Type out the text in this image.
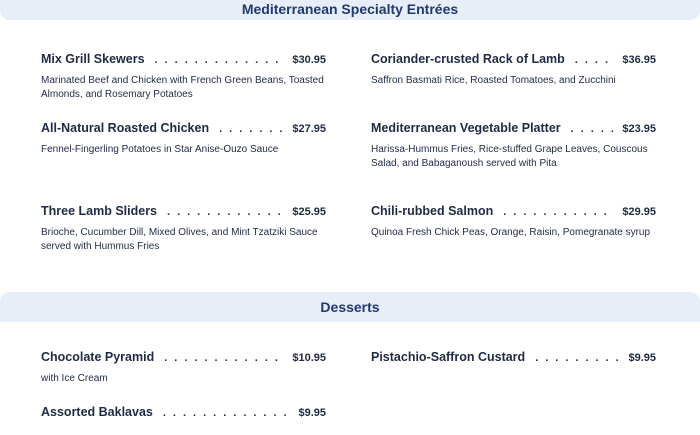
Mediterranean Specialty Entrées
Mix Grill Skewers .....	$30.95
Marinated Beef and Chicken with French Green Beans, Toasted Almonds, and Rosemary Potatoes
Coriander-crusted Rack of Lamb .....	$36.95
Saffron Basmati Rice, Roasted Tomatoes, and Zucchini
All-Natural Roasted Chicken .....	$27.95
Fennel-Fingerling Potatoes in Star Anise-Ouzo Sauce
Mediterranean Vegetable Platter .....	$23.95
Harissa-Hummus Fries, Rice-stuffed Grape Leaves, Couscous Salad, and Babaganoush served with Pita
Three Lamb Sliders .....	$25.95
Brioche, Cucumber Dill, Mixed Olives, and Mint Tzatziki Sauce served with Hummus Fries
Chili-rubbed Salmon .....	$29.95
Quinoa Fresh Chick Peas, Orange, Raisin, Pomegranate syrup
Desserts
Chocolate Pyramid .....	$10.95
with Ice Cream
Pistachio-Saffron Custard .....	$9.95
Assorted Baklavas .....	$9.95
